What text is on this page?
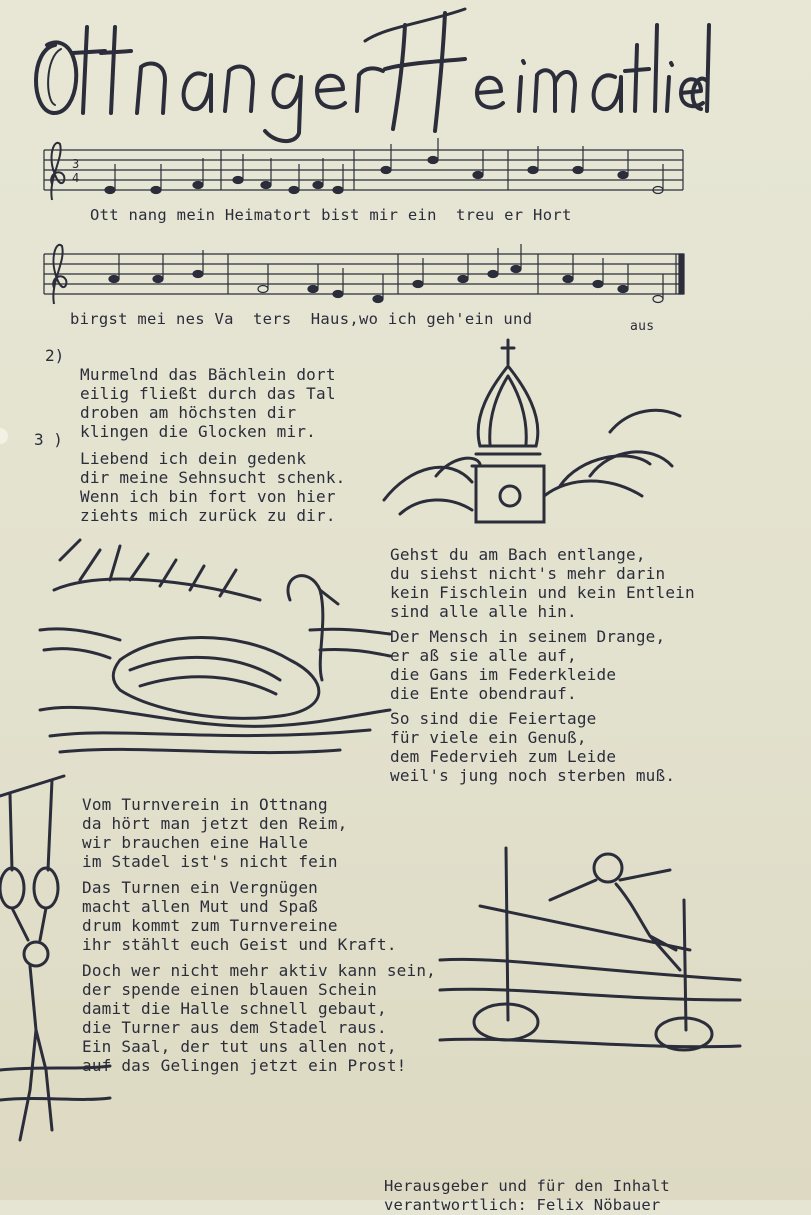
3
4
Ott nang mein Heimatort bist mir ein  treu er Hort
birgst mei nes Va  ters  Haus,wo ich geh'ein und	aus
2)

Murmelnd das Bächlein dort
eilig fließt durch das Tal
droben am höchsten dir
klingen die Glocken mir.
3 )

Liebend ich dein gedenk
dir meine Sehnsucht schenk.
Wenn ich bin fort von hier
ziehts mich zurück zu dir.

Gehst du am Bach entlange,
du siehst nicht's mehr darin
kein Fischlein und kein Entlein
sind alle alle hin.

Der Mensch in seinem Drange,
er aß sie alle auf,
die Gans im Federkleide
die Ente obendrauf.

So sind die Feiertage
für viele ein Genuß,
dem Federvieh zum Leide
weil's jung noch sterben muß.

Vom Turnverein in Ottnang
da hört man jetzt den Reim,
wir brauchen eine Halle
im Stadel ist's nicht fein

Das Turnen ein Vergnügen
macht allen Mut und Spaß
drum kommt zum Turnvereine
ihr stählt euch Geist und Kraft.

Doch wer nicht mehr aktiv kann sein,
der spende einen blauen Schein
damit die Halle schnell gebaut,
die Turner aus dem Stadel raus.
Ein Saal, der tut uns allen not,
auf das Gelingen jetzt ein Prost!

Herausgeber und für den Inhalt
verantwortlich: Felix Nöbauer
